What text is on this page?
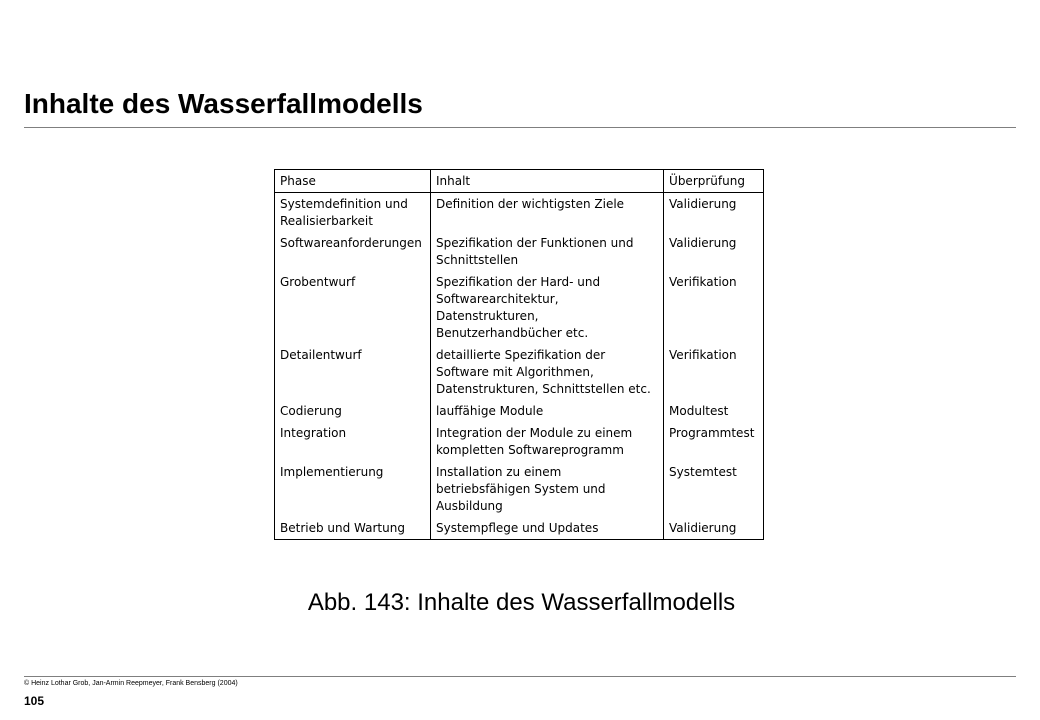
Inhalte des Wasserfallmodells
Phase	Inhalt	Überprüfung
Systemdefinition und Realisierbarkeit	Definition der wichtigsten Ziele	Validierung
Softwareanforderungen	Spezifikation der Funktionen und Schnittstellen	Validierung
Grobentwurf	Spezifikation der Hard- und Softwarearchitektur, Datenstrukturen, Benutzerhandbücher etc.	Verifikation
Detailentwurf	detaillierte Spezifikation der Software mit Algorithmen, Datenstrukturen, Schnittstellen etc.	Verifikation
Codierung	lauffähige Module	Modultest
Integration	Integration der Module zu einem kompletten Softwareprogramm	Programmtest
Implementierung	Installation zu einem betriebsfähigen System und Ausbildung	Systemtest
Betrieb und Wartung	Systempflege und Updates	Validierung
Abb. 143: Inhalte des Wasserfallmodells
© Heinz Lothar Grob, Jan-Armin Reepmeyer, Frank Bensberg (2004)
105
